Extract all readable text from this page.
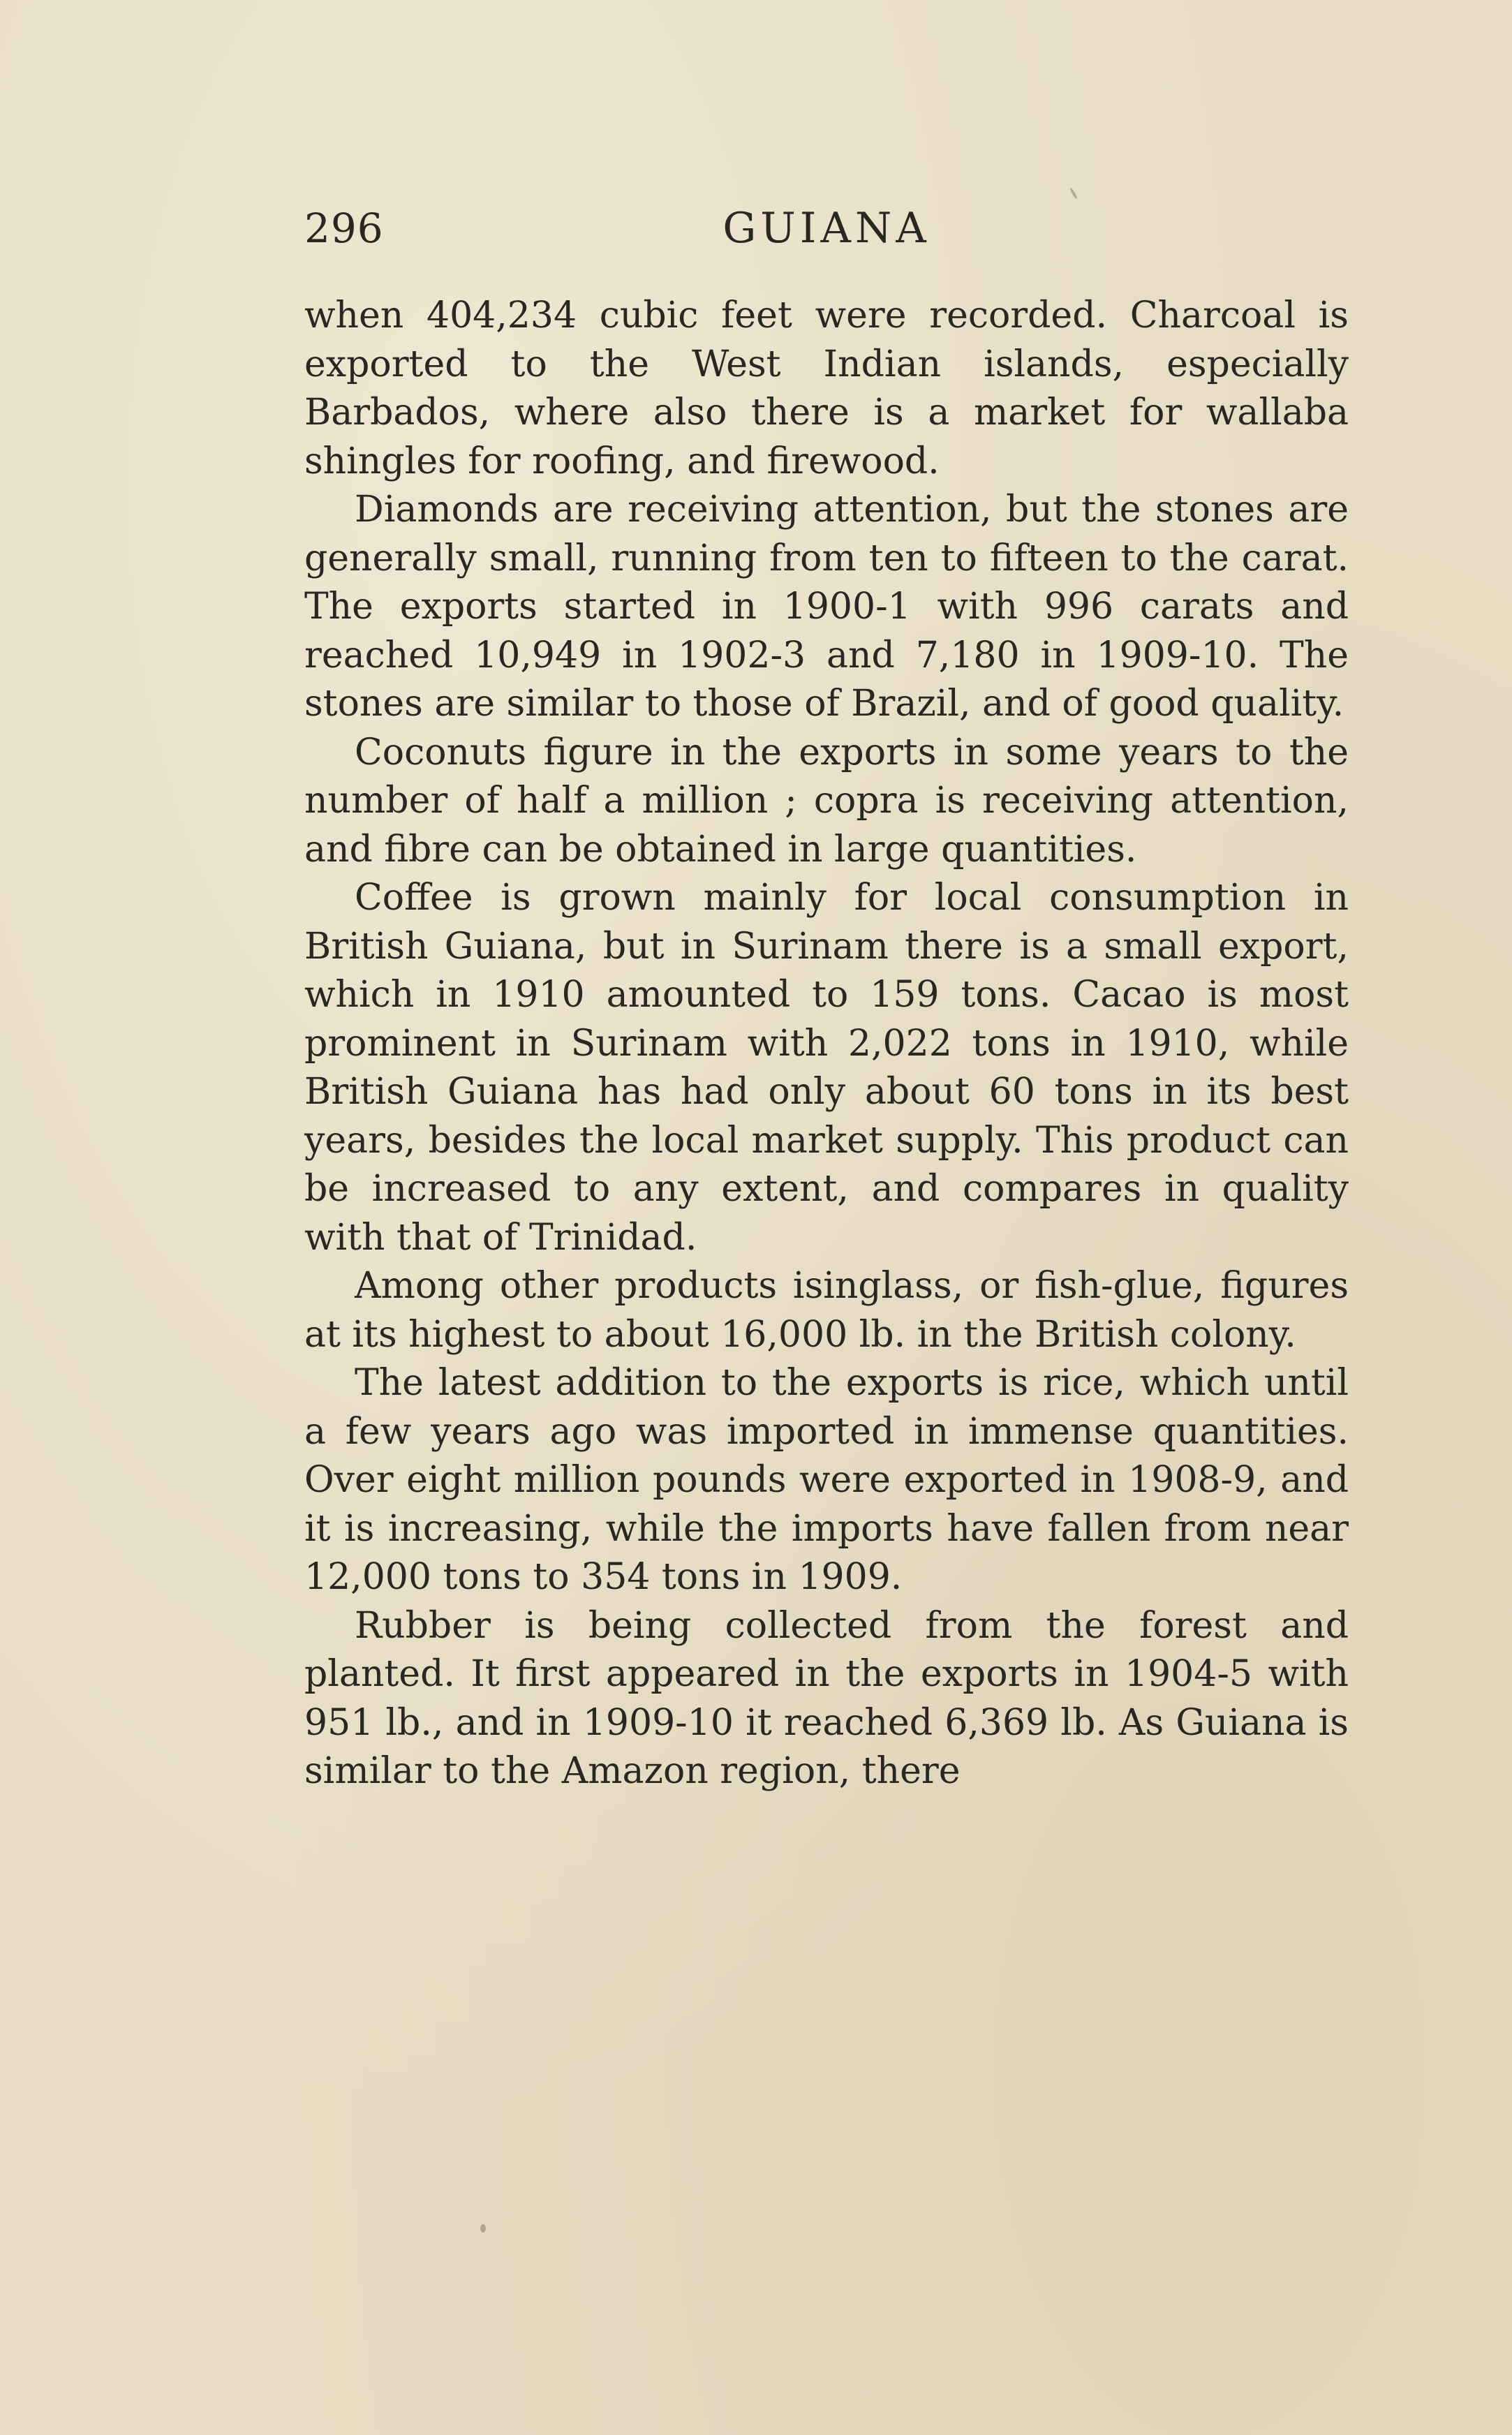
296	GUIANA

when 404,234 cubic feet were recorded. Charcoal is exported to the West Indian islands, especially Barbados, where also there is a market for wallaba shingles for roofing, and firewood.

Diamonds are receiving attention, but the stones are generally small, running from ten to fifteen to the carat. The exports started in 1900-1 with 996 carats and reached 10,949 in 1902-3 and 7,180 in 1909-10. The stones are similar to those of Brazil, and of good quality.

Coconuts figure in the exports in some years to the number of half a million ; copra is receiving attention, and fibre can be obtained in large quantities.

Coffee is grown mainly for local consumption in British Guiana, but in Surinam there is a small export, which in 1910 amounted to 159 tons. Cacao is most prominent in Surinam with 2,022 tons in 1910, while British Guiana has had only about 60 tons in its best years, besides the local market supply. This product can be increased to any extent, and compares in quality with that of Trinidad.

Among other products isinglass, or fish-glue, figures at its highest to about 16,000 lb. in the British colony.

The latest addition to the exports is rice, which until a few years ago was imported in immense quantities. Over eight million pounds were exported in 1908-9, and it is increasing, while the imports have fallen from near 12,000 tons to 354 tons in 1909.

Rubber is being collected from the forest and planted. It first appeared in the exports in 1904-5 with 951 lb., and in 1909-10 it reached 6,369 lb. As Guiana is similar to the Amazon region, there
